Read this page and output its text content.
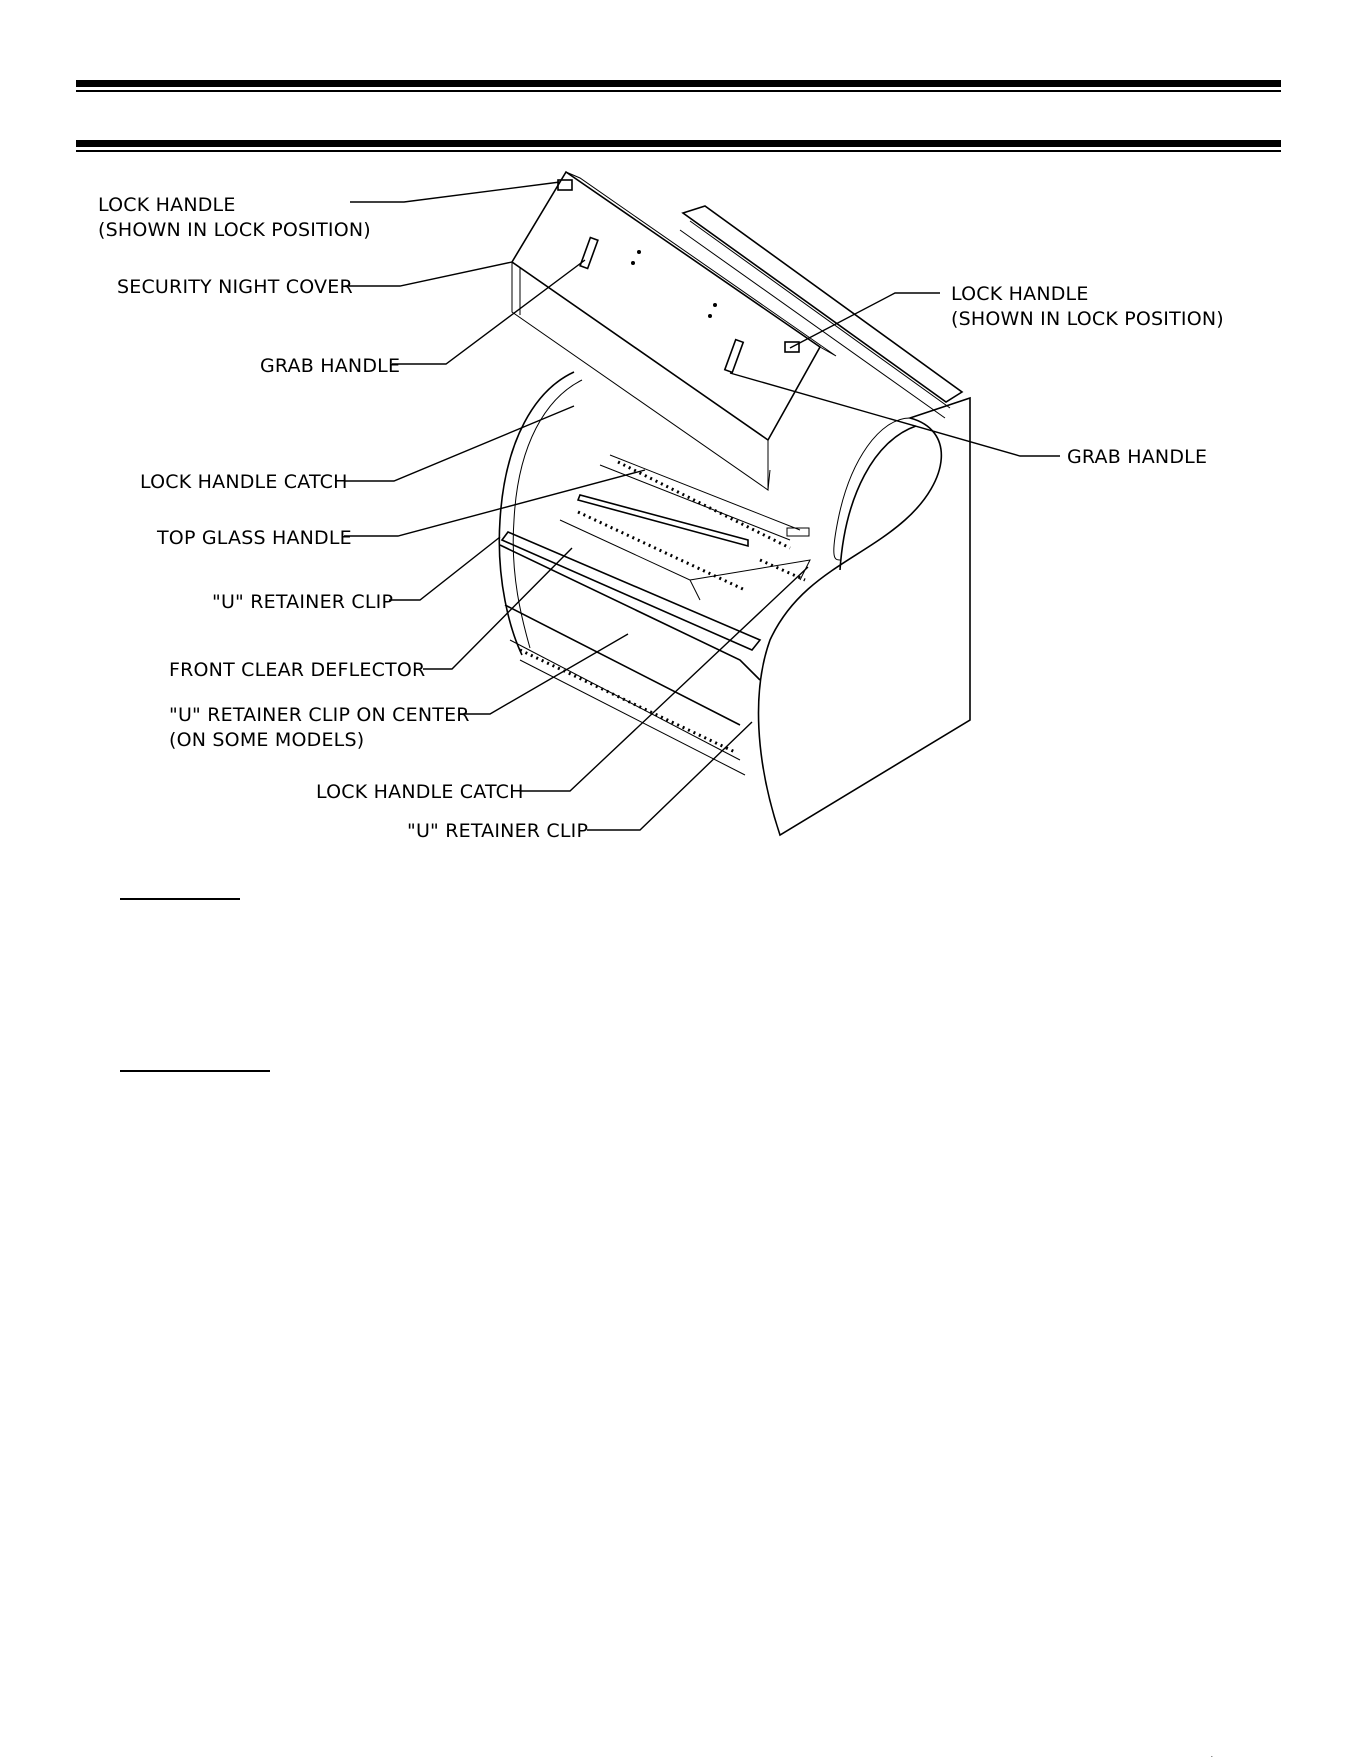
LOCK HANDLE
(SHOWN IN LOCK POSITION)
SECURITY NIGHT COVER
GRAB HANDLE
LOCK HANDLE CATCH
TOP GLASS HANDLE
"U" RETAINER CLIP
FRONT CLEAR DEFLECTOR
"U" RETAINER CLIP ON CENTER
(ON SOME MODELS)
LOCK HANDLE CATCH
"U" RETAINER CLIP
LOCK HANDLE
(SHOWN IN LOCK POSITION)
GRAB HANDLE
.
